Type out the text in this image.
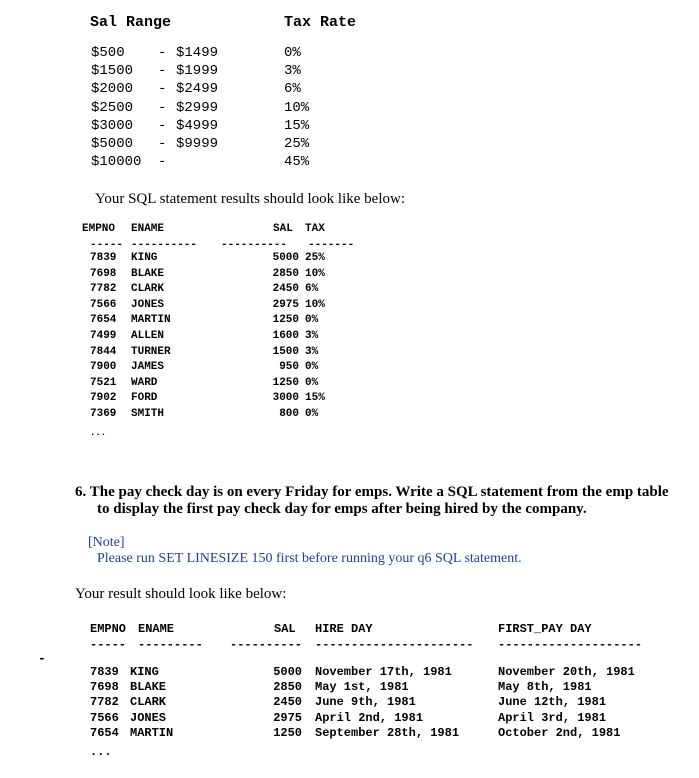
Sal Range	Tax Rate
$500 - $1499	0%
$1500 - $1999	3%
$2000 - $2499	6%
$2500 - $2999	10%
$3000 - $4999	15%
$5000 - $9999	25%
$10000 -	45%
Your SQL statement results should look like below:
EMPNO ENAME	SAL TAX
----- ---------- ---------- -------
7839 KING	5000 25%
7698 BLAKE	2850 10%
7782 CLARK	2450 6%
7566 JONES	2975 10%
7654 MARTIN	1250 0%
7499 ALLEN	1600 3%
7844 TURNER	1500 3%
7900 JAMES	950 0%
7521 WARD	1250 0%
7902 FORD	3000 15%
7369 SMITH	800 0%
...
6. The pay check day is on every Friday for emps. Write a SQL statement from the emp table
to display the first pay check day for emps after being hired by the company.
[Note]
Please run SET LINESIZE 150 first before running your q6 SQL statement.
Your result should look like below:
EMPNO ENAME	SAL HIRE DAY	FIRST_PAY DAY
----- --------- ---------- ---------------------- --------------------
-
7839 KING	5000 November 17th, 1981	November 20th, 1981
7698 BLAKE	2850 May 1st, 1981	May 8th, 1981
7782 CLARK	2450 June 9th, 1981	June 12th, 1981
7566 JONES	2975 April 2nd, 1981	April 3rd, 1981
7654 MARTIN	1250 September 28th, 1981	October 2nd, 1981
...
